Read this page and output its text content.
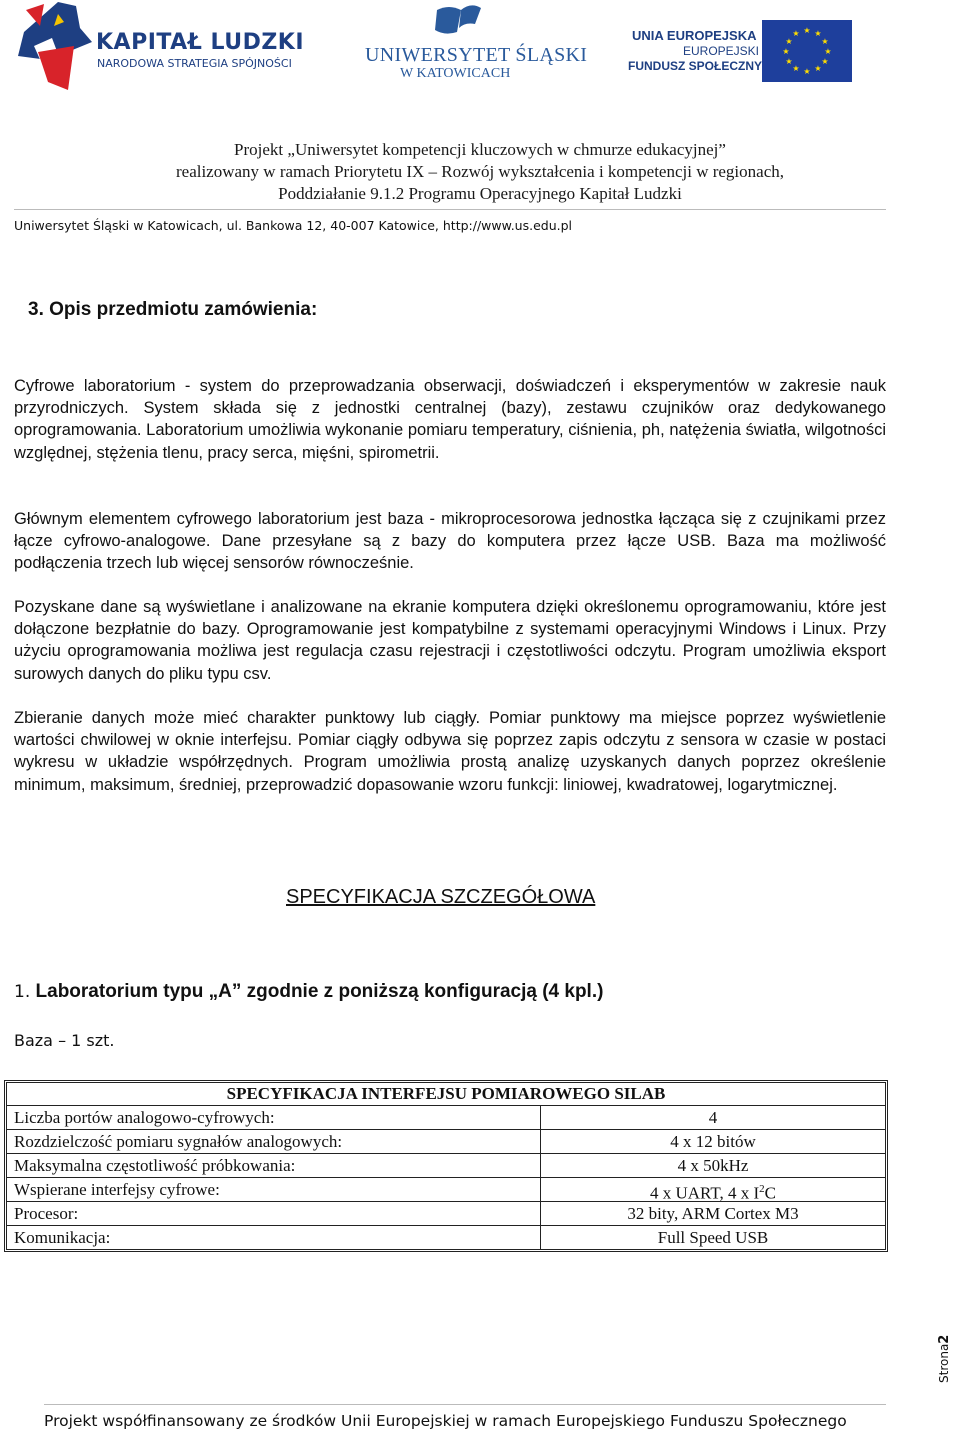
KAPITAŁ LUDZKI
NARODOWA STRATEGIA SPÓJNOŚCI	UNIWERSYTET ŚLĄSKI
W KATOWICACH
UNIA EUROPEJSKA
EUROPEJSKI
FUNDUSZ SPOŁECZNY
★ ★
★
★
★
★
★
★
★
★
★
★
Projekt „Uniwersytet kompetencji kluczowych w chmurze edukacyjnej”
realizowany w ramach Priorytetu IX – Rozwój wykształcenia i kompetencji w regionach,
Poddziałanie 9.1.2 Programu Operacyjnego Kapitał Ludzki
Uniwersytet Śląski w Katowicach, ul. Bankowa 12, 40-007 Katowice, http://www.us.edu.pl
3. Opis przedmiotu zamówienia:
Cyfrowe laboratorium - system do przeprowadzania obserwacji, doświadczeń i eksperymentów w zakresie nauk przyrodniczych. System składa się z jednostki centralnej (bazy), zestawu czujników oraz dedykowanego oprogramowania. Laboratorium umożliwia wykonanie pomiaru temperatury, ciśnienia, ph, natężenia światła, wilgotności względnej, stężenia tlenu, pracy serca, mięśni, spirometrii.
Głównym elementem cyfrowego laboratorium jest baza - mikroprocesorowa jednostka łącząca się z czujnikami przez łącze cyfrowo-analogowe. Dane przesyłane są z bazy do komputera przez łącze USB. Baza ma możliwość podłączenia trzech lub więcej sensorów równocześnie.
Pozyskane dane są wyświetlane i analizowane na ekranie komputera dzięki określonemu oprogramowaniu, które jest dołączone bezpłatnie do bazy. Oprogramowanie jest kompatybilne z systemami operacyjnymi Windows i Linux. Przy użyciu oprogramowania możliwa jest regulacja czasu rejestracji i częstotliwości odczytu. Program umożliwia eksport surowych danych do pliku typu csv.
Zbieranie danych może mieć charakter punktowy lub ciągły. Pomiar punktowy ma miejsce poprzez wyświetlenie wartości chwilowej w oknie interfejsu. Pomiar ciągły odbywa się poprzez zapis odczytu z sensora w czasie w postaci wykresu w układzie współrzędnych. Program umożliwia prostą analizę uzyskanych danych poprzez określenie minimum, maksimum, średniej, przeprowadzić dopasowanie wzoru funkcji: liniowej, kwadratowej, logarytmicznej.
SPECYFIKACJA SZCZEGÓŁOWA
1. Laboratorium typu „A” zgodnie z poniższą konfiguracją (4 kpl.)
Baza – 1 szt.
SPECYFIKACJA INTERFEJSU POMIAROWEGO SILAB
Liczba portów analogowo-cyfrowych:	4
Rozdzielczość pomiaru sygnałów analogowych:	4 x 12 bitów
Maksymalna częstotliwość próbkowania:	4 x 50kHz
Wspierane interfejsy cyfrowe:	4 x UART, 4 x $I^2C$
Procesor:	32 bity, ARM Cortex M3
Komunikacja:	Full Speed USB
Strona2
Projekt współfinansowany ze środków Unii Europejskiej w ramach Europejskiego Funduszu Społecznego
